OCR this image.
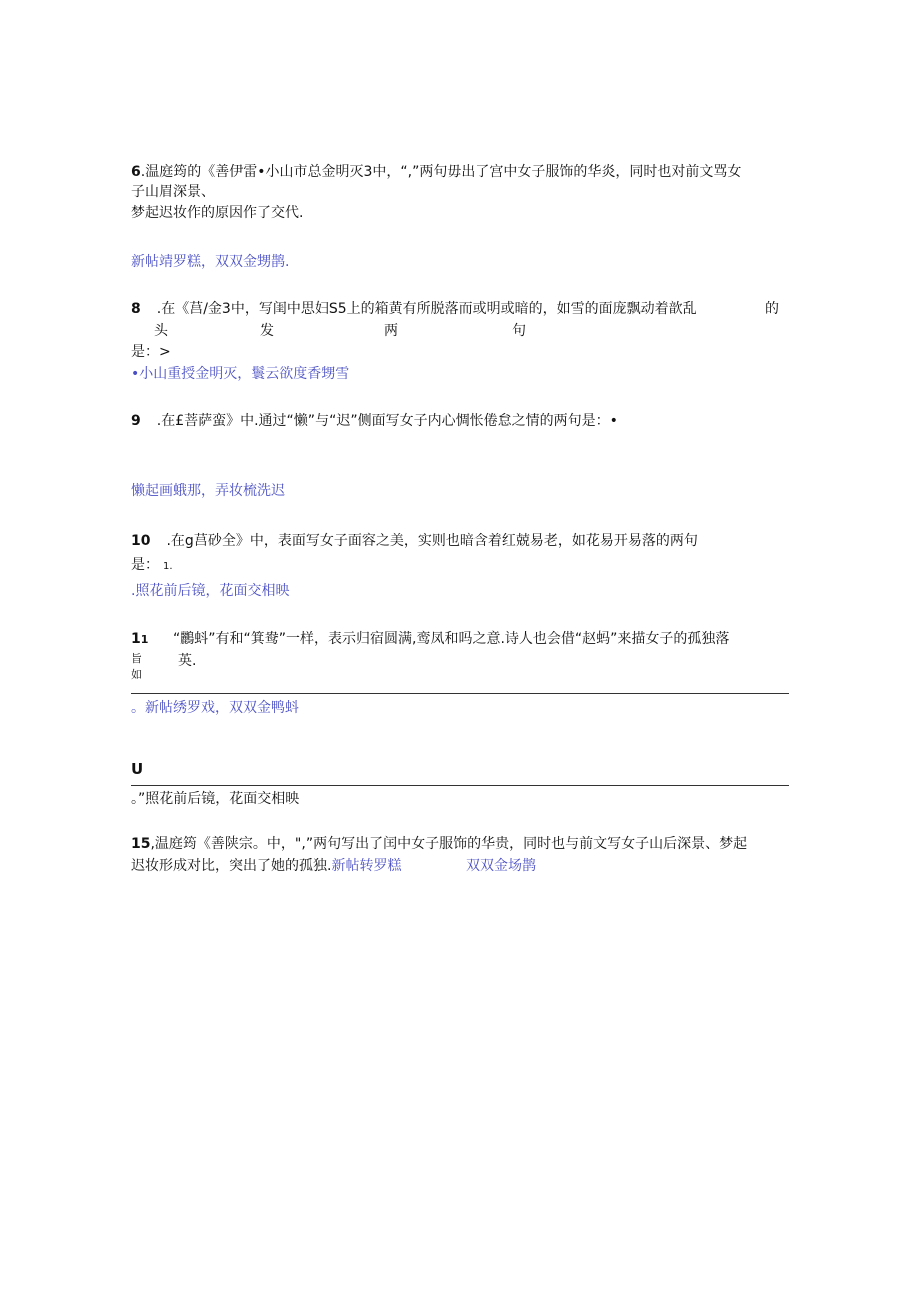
6.温庭筠的《善伊雷•小山市总金明灭3中，“,”两句毋出了宫中女子服饰的华炎，同时也对前文骂女
子山眉深景、
梦起迟妆作的原因作了交代.
新帖靖罗糕，双双金甥鹊.
8 .在《莒/金3中，写闺中思妇S5上的箱黄有所脱落而或明或暗的，如雪的面庞飘动着歆乱	的
头	发	两	句
是：>
•小山重授金明灭，鬟云欲度香甥雪
9 .在£菩萨蛮》中.通过“懒”与“迟”侧面写女子内心惆怅倦怠之情的两句是：•
懒起画蛾那，弄妆梳洗迟
10 .在g莒砂全》中，表面写女子面容之美，实则也暗含着红兢易老，如花易开易落的两句
是： 1.
.照花前后镜，花面交相映
11
旨
如
“鸝蚪”有和“箕鸯”一样，表示归宿圆满,鸾凤和吗之意.诗人也会借“赵蚂”来描女子的孤独落
英.
。新帖绣罗戏，双双金鸭蚪
U
。”照花前后镜，花面交相映
15,温庭筠《善陕宗。中，",”两句写出了闰中女子服饰的华贵，同时也与前文写女子山后深景、梦起
迟妆形成对比，突出了她的孤独.新帖转罗糕	双双金场鹊
